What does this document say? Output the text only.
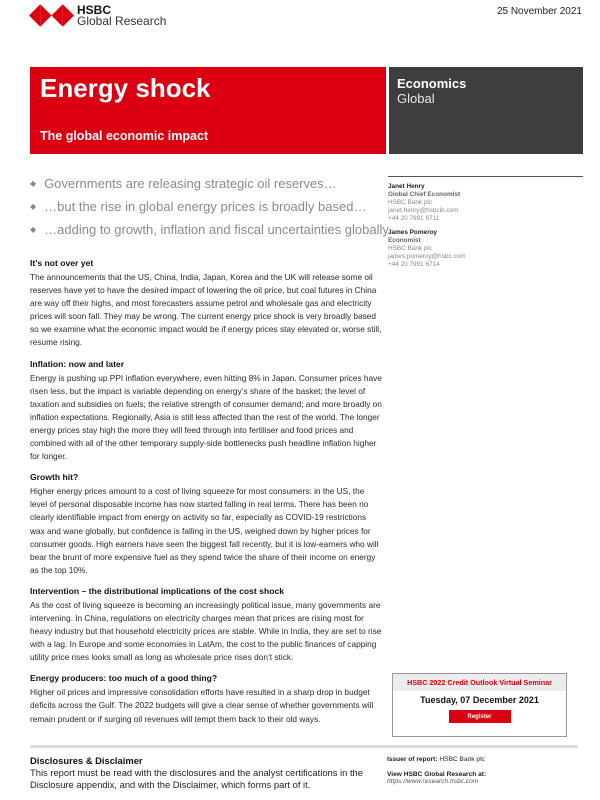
HSBC
Global Research
25 November 2021
Energy shock
The global economic impact
Economics
Global
◆ Governments are releasing strategic oil reserves…
◆ …but the rise in global energy prices is broadly based…
◆ …adding to growth, inflation and fiscal uncertainties globally
Janet Henry
Global Chief Economist
HSBC Bank plc
janet.henry@hsbcib.com
+44 20 7991 6711
James Pomeroy
Economist
HSBC Bank plc
james.pomeroy@hsbc.com
+44 20 7991 6714
It’s not over yet

The announcements that the US, China, India, Japan, Korea and the UK will release some oil reserves have yet to have the desired impact of lowering the oil price, but coal futures in China are way off their highs, and most forecasters assume petrol and wholesale gas and electricity prices will soon fall. They may be wrong. The current energy price shock is very broadly based so we examine what the economic impact would be if energy prices stay elevated or, worse still, resume rising.

Inflation: now and later

Energy is pushing up PPI inflation everywhere, even hitting 8% in Japan. Consumer prices have risen less, but the impact is variable depending on energy’s share of the basket; the level of taxation and subsidies on fuels; the relative strength of consumer demand; and more broadly on inflation expectations. Regionally, Asia is still less affected than the rest of the world. The longer energy prices stay high the more they will feed through into fertiliser and food prices and combined with all of the other temporary supply-side bottlenecks push headline inflation higher for longer.

Growth hit?

Higher energy prices amount to a cost of living squeeze for most consumers: in the US, the level of personal disposable income has now started falling in real terms. There has been no clearly identifiable impact from energy on activity so far, especially as COVID-19 restrictions wax and wane globally, but confidence is falling in the US, weighed down by higher prices for consumer goods. High earners have seen the biggest fall recently, but it is low-earners who will bear the brunt of more expensive fuel as they spend twice the share of their income on energy as the top 10%.

Intervention – the distributional implications of the cost shock

As the cost of living squeeze is becoming an increasingly political issue, many governments are intervening. In China, regulations on electricity charges mean that prices are rising most for heavy industry but that household electricity prices are stable. While in India, they are set to rise with a lag. In Europe and some economies in LatAm, the cost to the public finances of capping utility price rises looks small as long as wholesale price rises don’t stick.

Energy producers: too much of a good thing?

Higher oil prices and impressive consolidation efforts have resulted in a sharp drop in budget deficits across the Gulf. The 2022 budgets will give a clear sense of whether governments will remain prudent or if surging oil revenues will tempt them back to their old ways.

HSBC 2022 Credit Outlook Virtual Seminar
Tuesday, 07 December 2021
Register
Disclosures & Disclaimer

This report must be read with the disclosures and the analyst certifications in the Disclosure appendix, and with the Disclaimer, which forms part of it.

Issuer of report: HSBC Bank plc
View HSBC Global Research at:
https://www.research.hsbc.com
